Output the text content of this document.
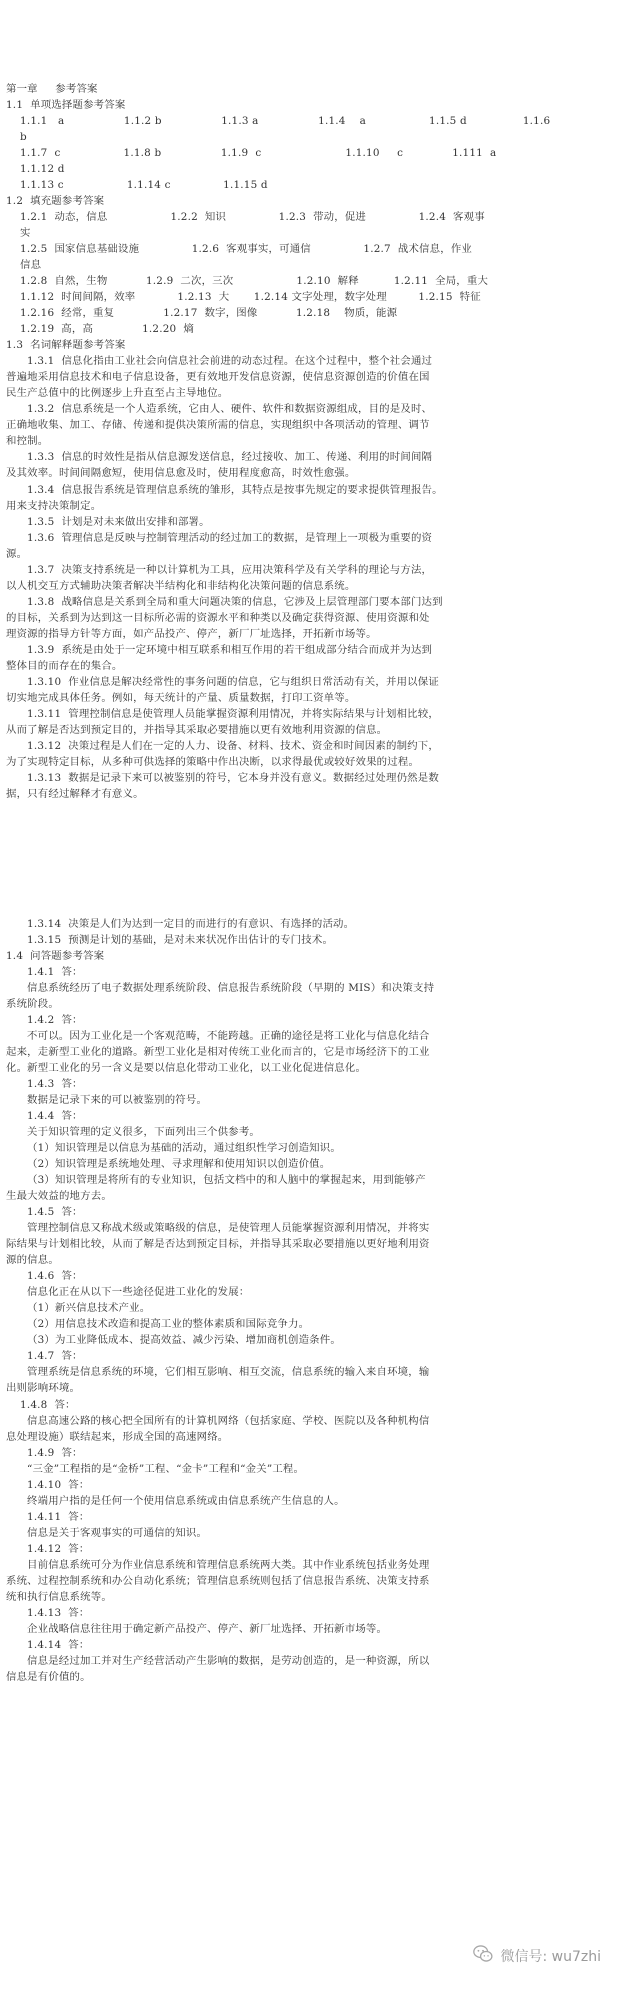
第一章     参考答案
1.1  单项选择题参考答案
1.1.1   a                 1.1.2 b                 1.1.3 a                 1.1.4    a                  1.1.5 d                1.1.6
b
1.1.7  c                  1.1.8 b                 1.1.9  c                        1.1.10     c              1.111  a
1.1.12 d
1.1.13 c                  1.1.14 c               1.1.15 d
1.2  填充题参考答案
1.2.1  动态，信息                  1.2.2  知识               1.2.3  带动，促进               1.2.4  客观事
实
1.2.5  国家信息基础设施               1.2.6  客观事实，可通信               1.2.7  战术信息，作业
信息
1.2.8  自然，生物           1.2.9  二次，三次                  1.2.10  解释          1.2.11  全局，重大
1.1.12  时间间隔，效率            1.2.13  大       1.2.14 文字处理，数字处理         1.2.15  特征
1.2.16  经常，重复              1.2.17  数字，图像           1.2.18    物质，能源
1.2.19  高，高              1.2.20  熵
1.3  名词解释题参考答案
1.3.1  信息化指由工业社会向信息社会前进的动态过程。在这个过程中，整个社会通过
普遍地采用信息技术和电子信息设备，更有效地开发信息资源，使信息资源创造的价值在国
民生产总值中的比例逐步上升直至占主导地位。
1.3.2  信息系统是一个人造系统，它由人、硬件、软件和数据资源组成，目的是及时、
正确地收集、加工、存储、传递和提供决策所需的信息，实现组织中各项活动的管理、调节
和控制。
1.3.3  信息的时效性是指从信息源发送信息，经过接收、加工、传递、利用的时间间隔
及其效率。时间间隔愈短，使用信息愈及时，使用程度愈高，时效性愈强。
1.3.4  信息报告系统是管理信息系统的雏形，其特点是按事先规定的要求提供管理报告。
用来支持决策制定。
1.3.5  计划是对未来做出安排和部署。
1.3.6  管理信息是反映与控制管理活动的经过加工的数据，是管理上一项极为重要的资
源。
1.3.7  决策支持系统是一种以计算机为工具，应用决策科学及有关学科的理论与方法，
以人机交互方式辅助决策者解决半结构化和非结构化决策问题的信息系统。
1.3.8  战略信息是关系到全局和重大问题决策的信息，它涉及上层管理部门要本部门达到
的目标，关系到为达到这一目标所必需的资源水平和种类以及确定获得资源、使用资源和处
理资源的指导方针等方面，如产品投产、停产，新厂厂址选择，开拓新市场等。
1.3.9  系统是由处于一定环境中相互联系和相互作用的若干组成部分结合而成并为达到
整体目的而存在的集合。
1.3.10  作业信息是解决经常性的事务问题的信息，它与组织日常活动有关，并用以保证
切实地完成具体任务。例如，每天统计的产量、质量数据，打印工资单等。
1.3.11  管理控制信息是使管理人员能掌握资源利用情况，并将实际结果与计划相比较，
从而了解是否达到预定目的，并指导其采取必要措施以更有效地利用资源的信息。
1.3.12  决策过程是人们在一定的人力、设备、材料、技术、资金和时间因素的制约下，
为了实现特定目标，从多种可供选择的策略中作出决断，以求得最优或较好效果的过程。
1.3.13  数据是记录下来可以被鉴别的符号，它本身并没有意义。数据经过处理仍然是数
据，只有经过解释才有意义。
1.3.14  决策是人们为达到一定目的而进行的有意识、有选择的活动。
1.3.15  预测是计划的基础，是对未来状况作出估计的专门技术。
1.4  问答题参考答案
1.4.1  答：
信息系统经历了电子数据处理系统阶段、信息报告系统阶段（早期的 MIS）和决策支持
系统阶段。
1.4.2  答：
不可以。因为工业化是一个客观范畴，不能跨越。正确的途径是将工业化与信息化结合
起来，走新型工业化的道路。新型工业化是相对传统工业化而言的，它是市场经济下的工业
化。新型工业化的另一含义是要以信息化带动工业化，以工业化促进信息化。
1.4.3  答：
数据是记录下来的可以被鉴别的符号。
1.4.4  答：
关于知识管理的定义很多，下面列出三个供参考。
（1）知识管理是以信息为基础的活动，通过组织性学习创造知识。
（2）知识管理是系统地处理、寻求理解和使用知识以创造价值。
（3）知识管理是将所有的专业知识，包括文档中的和人脑中的掌握起来，用到能够产
生最大效益的地方去。
1.4.5  答：
管理控制信息又称战术级或策略级的信息，是使管理人员能掌握资源利用情况，并将实
际结果与计划相比较，从而了解是否达到预定目标，并指导其采取必要措施以更好地利用资
源的信息。
1.4.6  答：
信息化正在从以下一些途径促进工业化的发展：
（1）新兴信息技术产业。
（2）用信息技术改造和提高工业的整体素质和国际竞争力。
（3）为工业降低成本、提高效益、减少污染、增加商机创造条件。
1.4.7  答：
管理系统是信息系统的环境，它们相互影响、相互交流，信息系统的输入来自环境，输
出则影响环境。
1.4.8  答：
信息高速公路的核心把全国所有的计算机网络（包括家庭、学校、医院以及各种机构信
息处理设施）联结起来，形成全国的高速网络。
1.4.9  答：
“三金”工程指的是“金桥”工程、“金卡”工程和“金关”工程。
1.4.10  答：
终端用户指的是任何一个使用信息系统或由信息系统产生信息的人。
1.4.11  答：
信息是关于客观事实的可通信的知识。
1.4.12  答：
目前信息系统可分为作业信息系统和管理信息系统两大类。其中作业系统包括业务处理
系统、过程控制系统和办公自动化系统；管理信息系统则包括了信息报告系统、决策支持系
统和执行信息系统等。
1.4.13  答：
企业战略信息往往用于确定新产品投产、停产、新厂址选择、开拓新市场等。
1.4.14  答：
信息是经过加工并对生产经营活动产生影响的数据，是劳动创造的，是一种资源，所以
信息是有价值的。
微信号: wu7zhi
